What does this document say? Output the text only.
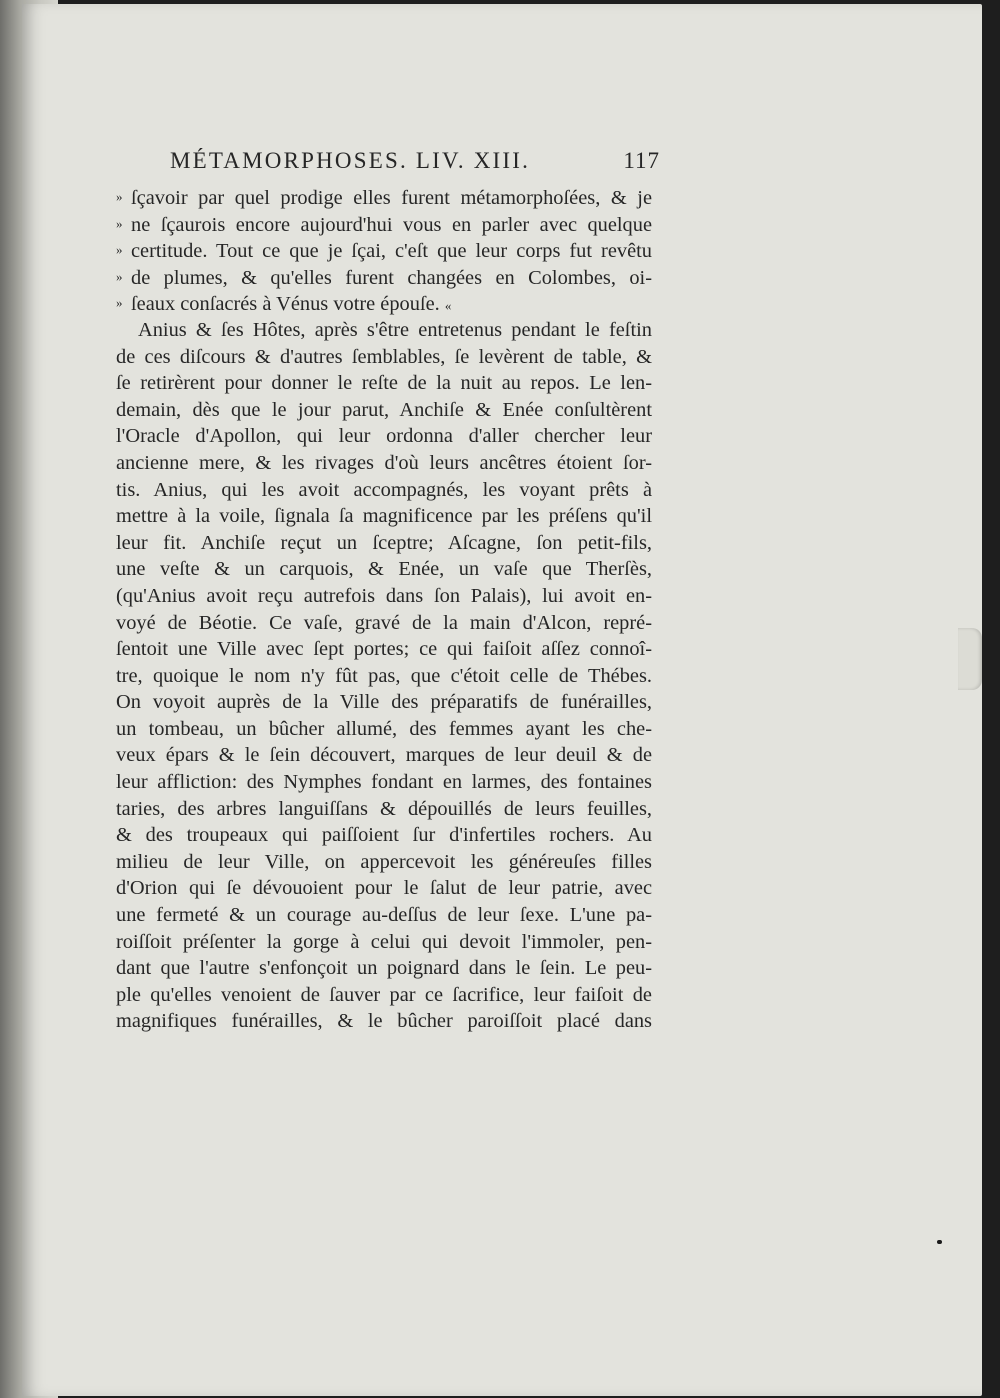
MÉTAMORPHOSES. LIV. XIII.	117
» ſçavoir par quel prodige elles furent métamorphoſées, & je
» ne ſçaurois encore aujourd'hui vous en parler avec quelque
» certitude. Tout ce que je ſçai, c'eſt que leur corps fut revêtu
» de plumes, & qu'elles furent changées en Colombes, oi-
» ſeaux conſacrés à Vénus votre épouſe. «
Anius & ſes Hôtes, après s'être entretenus pendant le feſtin
de ces diſcours & d'autres ſemblables, ſe levèrent de table, &
ſe retirèrent pour donner le reſte de la nuit au repos. Le len-
demain, dès que le jour parut, Anchiſe & Enée conſultèrent
l'Oracle d'Apollon, qui leur ordonna d'aller chercher leur
ancienne mere, & les rivages d'où leurs ancêtres étoient ſor-
tis. Anius, qui les avoit accompagnés, les voyant prêts à
mettre à la voile, ſignala ſa magnificence par les préſens qu'il
leur fit. Anchiſe reçut un ſceptre; Aſcagne, ſon petit-fils,
une veſte & un carquois, & Enée, un vaſe que Therſès,
(qu'Anius avoit reçu autrefois dans ſon Palais), lui avoit en-
voyé de Béotie. Ce vaſe, gravé de la main d'Alcon, repré-
ſentoit une Ville avec ſept portes; ce qui faiſoit aſſez connoî-
tre, quoique le nom n'y fût pas, que c'étoit celle de Thébes.
On voyoit auprès de la Ville des préparatifs de funérailles,
un tombeau, un bûcher allumé, des femmes ayant les che-
veux épars & le ſein découvert, marques de leur deuil & de
leur affliction: des Nymphes fondant en larmes, des fontaines
taries, des arbres languiſſans & dépouillés de leurs feuilles,
& des troupeaux qui paiſſoient ſur d'infertiles rochers. Au
milieu de leur Ville, on appercevoit les généreuſes filles
d'Orion qui ſe dévouoient pour le ſalut de leur patrie, avec
une fermeté & un courage au-deſſus de leur ſexe. L'une pa-
roiſſoit préſenter la gorge à celui qui devoit l'immoler, pen-
dant que l'autre s'enfonçoit un poignard dans le ſein. Le peu-
ple qu'elles venoient de ſauver par ce ſacrifice, leur faiſoit de
magnifiques funérailles, & le bûcher paroiſſoit placé dans
